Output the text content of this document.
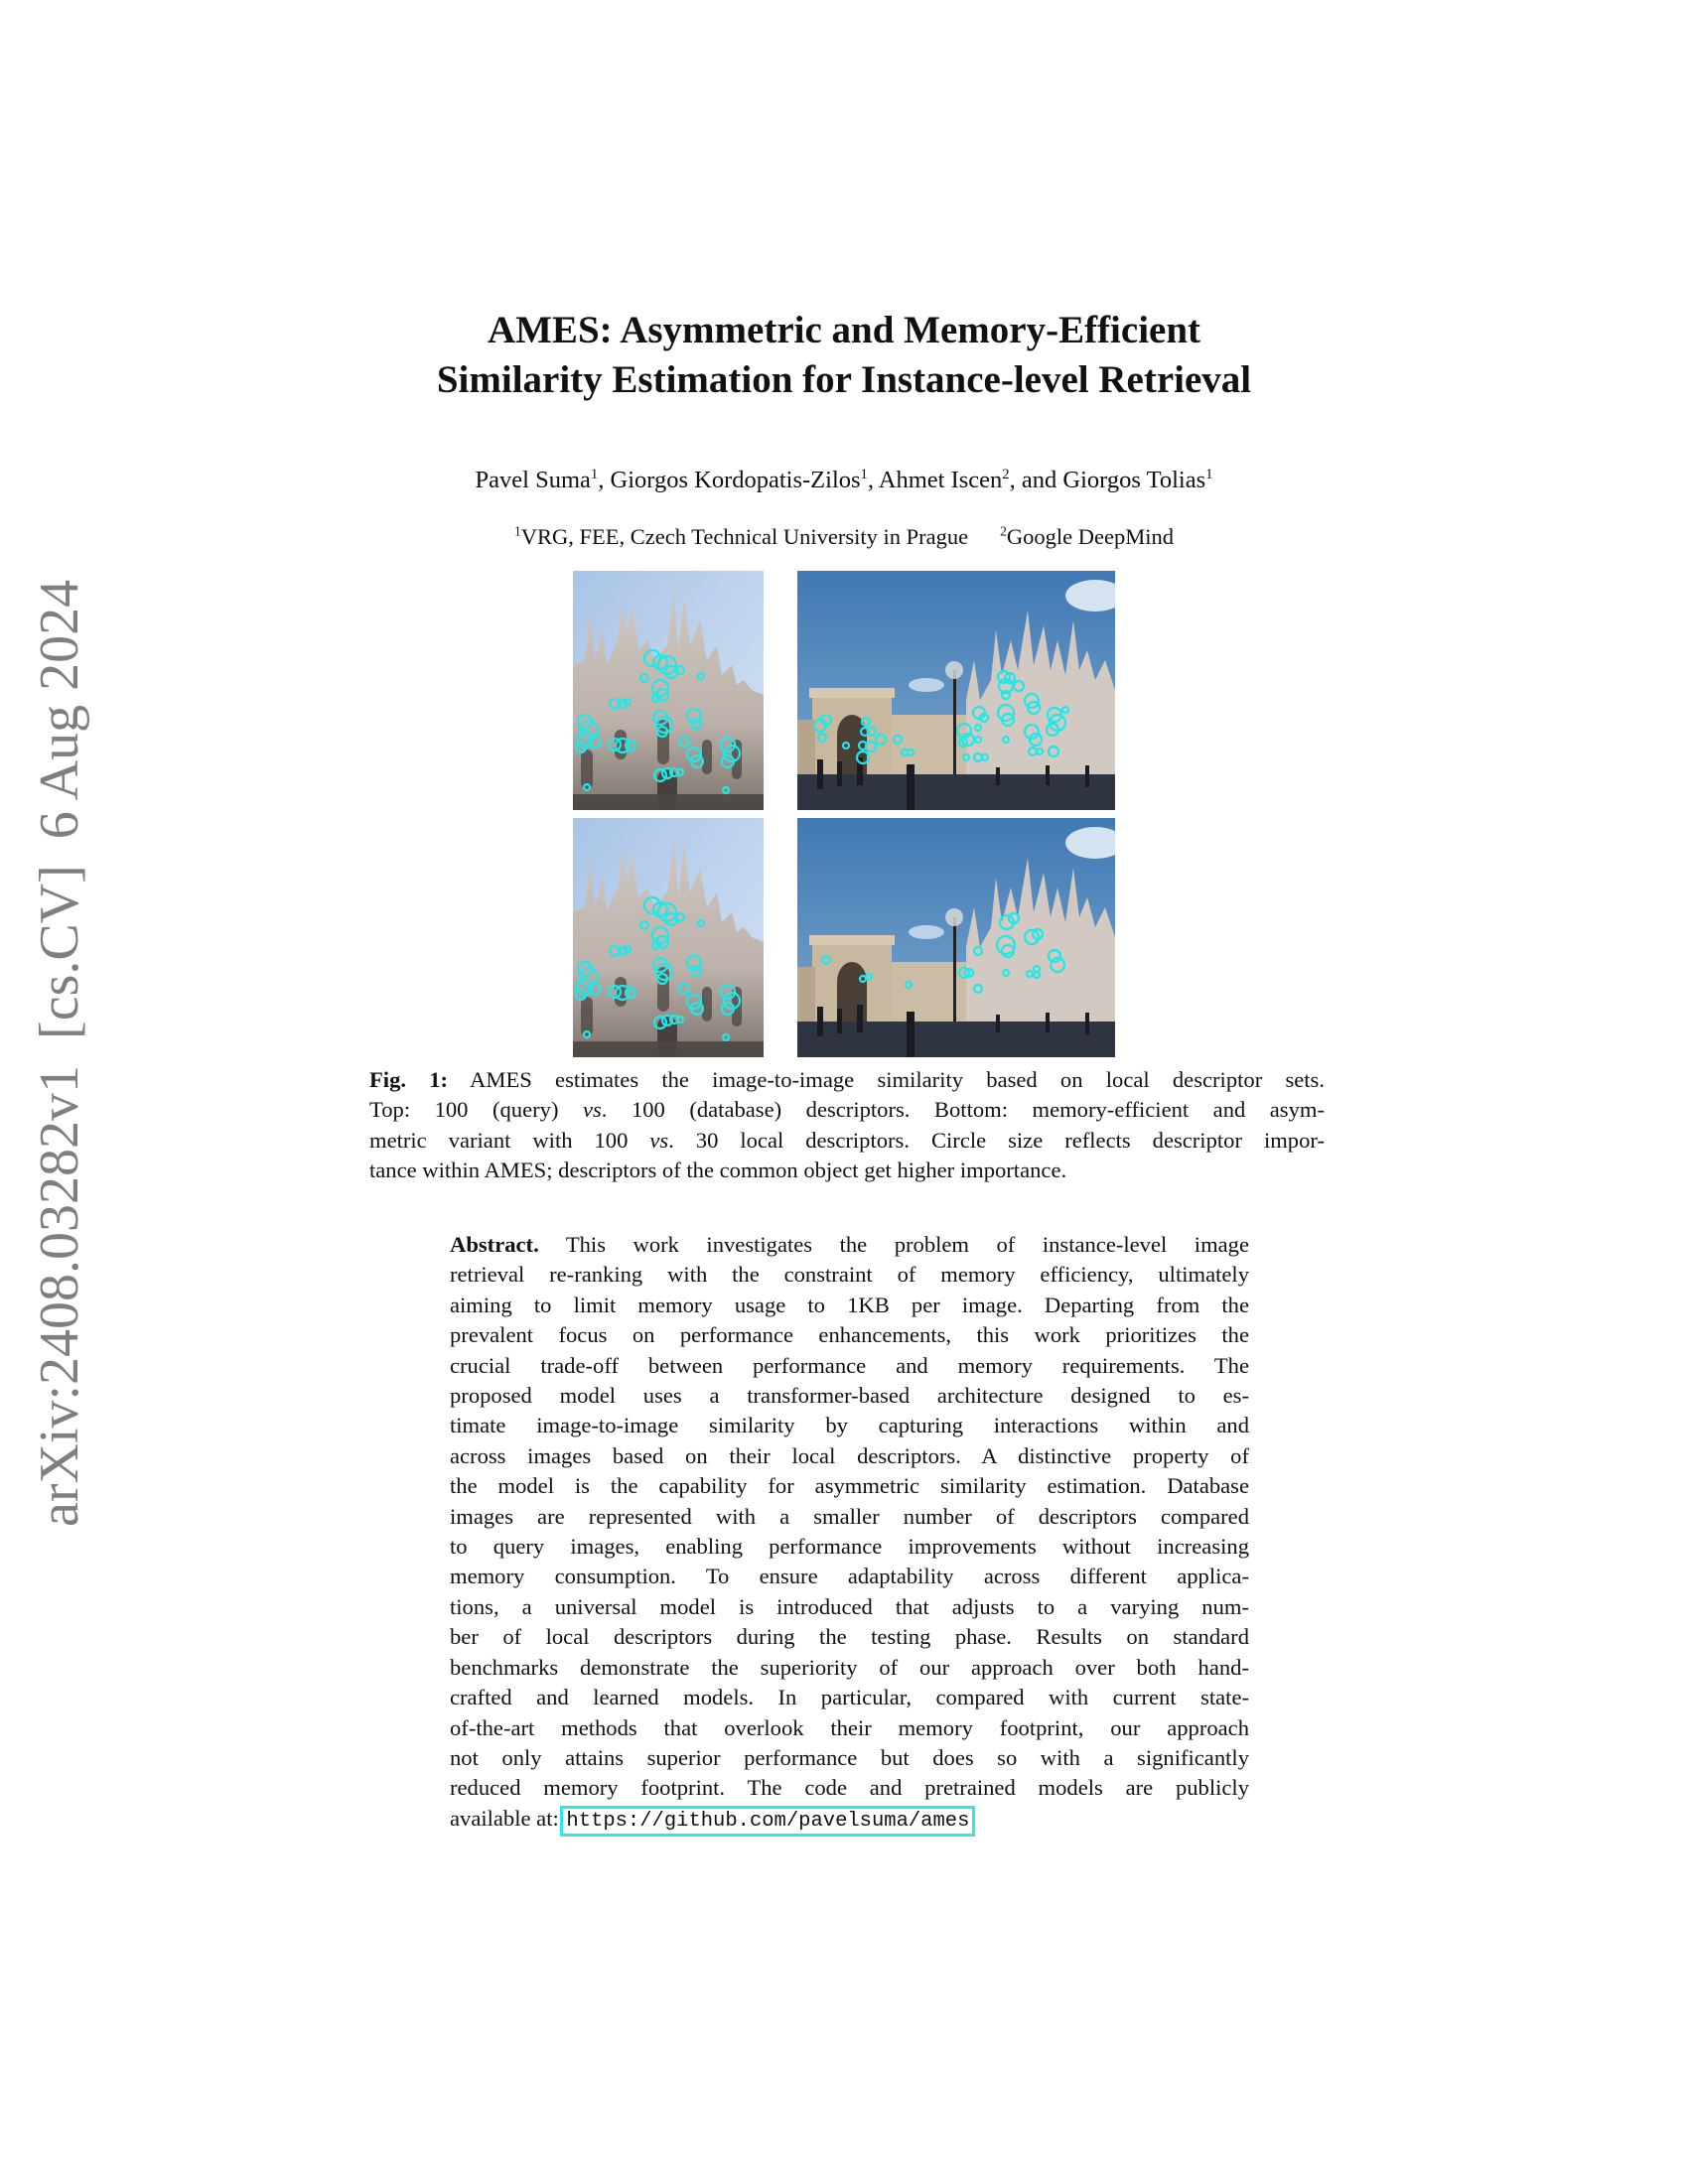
arXiv:2408.03282v1[cs.CV]6 Aug 2024
AMES: Asymmetric and Memory-Efficient
Similarity Estimation for Instance-level Retrieval
Pavel Suma$^1$, Giorgos Kordopatis-Zilos$^1$, Ahmet Iscen$^2$, and Giorgos Tolias$^1$
$^1$VRG, FEE, Czech Technical University in Prague $^2$Google DeepMind
Fig. 1: AMES estimates the image-to-image similarity based on local descriptor sets.
Top: 100 (query) vs. 100 (database) descriptors. Bottom: memory-efficient and asym-
metric variant with 100 vs. 30 local descriptors. Circle size reflects descriptor impor-
tance within AMES; descriptors of the common object get higher importance.
Abstract. This work investigates the problem of instance-level image
retrieval re-ranking with the constraint of memory efficiency, ultimately
aiming to limit memory usage to 1KB per image. Departing from the
prevalent focus on performance enhancements, this work prioritizes the
crucial trade-off between performance and memory requirements. The
proposed model uses a transformer-based architecture designed to es-
timate image-to-image similarity by capturing interactions within and
across images based on their local descriptors. A distinctive property of
the model is the capability for asymmetric similarity estimation. Database
images are represented with a smaller number of descriptors compared
to query images, enabling performance improvements without increasing
memory consumption. To ensure adaptability across different applica-
tions, a universal model is introduced that adjusts to a varying num-
ber of local descriptors during the testing phase. Results on standard
benchmarks demonstrate the superiority of our approach over both hand-
crafted and learned models. In particular, compared with current state-
of-the-art methods that overlook their memory footprint, our approach
not only attains superior performance but does so with a significantly
reduced memory footprint. The code and pretrained models are publicly
available at: https://github.com/pavelsuma/ames
